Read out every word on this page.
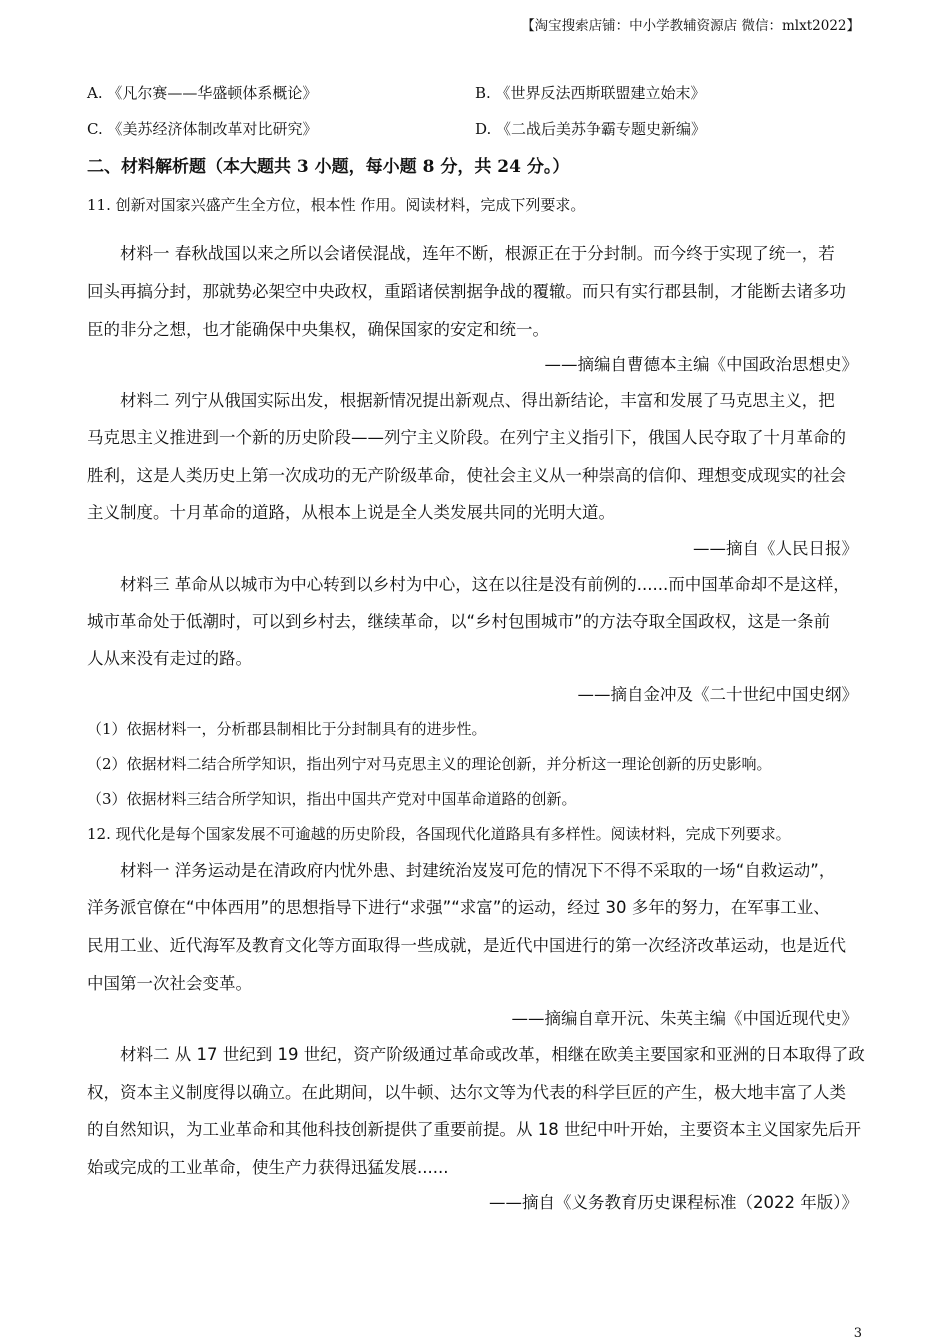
【淘宝搜索店铺：中小学教辅资源店 微信：mlxt2022】
A. 《凡尔赛——华盛顿体系概论》	B. 《世界反法西斯联盟建立始末》
C. 《美苏经济体制改革对比研究》	D. 《二战后美苏争霸专题史新编》
二、材料解析题（本大题共 3 小题，每小题 8 分，共 24 分。）
11. 创新对国家兴盛产生全方位，根本性 作用。阅读材料，完成下列要求。
材料一 春秋战国以来之所以会诸侯混战，连年不断，根源正在于分封制。而今终于实现了统一，若
回头再搞分封，那就势必架空中央政权，重蹈诸侯割据争战的覆辙。而只有实行郡县制，才能断去诸多功
臣的非分之想，也才能确保中央集权，确保国家的安定和统一。
——摘编自曹德本主编《中国政治思想史》
材料二 列宁从俄国实际出发，根据新情况提出新观点、得出新结论，丰富和发展了马克思主义，把
马克思主义推进到一个新的历史阶段——列宁主义阶段。在列宁主义指引下，俄国人民夺取了十月革命的
胜利，这是人类历史上第一次成功的无产阶级革命，使社会主义从一种崇高的信仰、理想变成现实的社会
主义制度。十月革命的道路，从根本上说是全人类发展共同的光明大道。
——摘自《人民日报》
材料三 革命从以城市为中心转到以乡村为中心，这在以往是没有前例的......而中国革命却不是这样，
城市革命处于低潮时，可以到乡村去，继续革命，以“乡村包围城市”的方法夺取全国政权，这是一条前
人从来没有走过的路。
——摘自金冲及《二十世纪中国史纲》
（1）依据材料一，分析郡县制相比于分封制具有的进步性。
（2）依据材料二结合所学知识，指出列宁对马克思主义的理论创新，并分析这一理论创新的历史影响。
（3）依据材料三结合所学知识，指出中国共产党对中国革命道路的创新。
12. 现代化是每个国家发展不可逾越的历史阶段，各国现代化道路具有多样性。阅读材料，完成下列要求。
材料一 洋务运动是在清政府内忧外患、封建统治岌岌可危的情况下不得不采取的一场“自救运动”，
洋务派官僚在“中体西用”的思想指导下进行“求强”“求富”的运动，经过 30 多年的努力，在军事工业、
民用工业、近代海军及教育文化等方面取得一些成就，是近代中国进行的第一次经济改革运动，也是近代
中国第一次社会变革。
——摘编自章开沅、朱英主编《中国近现代史》
材料二 从 17 世纪到 19 世纪，资产阶级通过革命或改革，相继在欧美主要国家和亚洲的日本取得了政
权，资本主义制度得以确立。在此期间，以牛顿、达尔文等为代表的科学巨匠的产生，极大地丰富了人类
的自然知识，为工业革命和其他科技创新提供了重要前提。从 18 世纪中叶开始，主要资本主义国家先后开
始或完成的工业革命，使生产力获得迅猛发展......
——摘自《义务教育历史课程标准（2022 年版）》
3
